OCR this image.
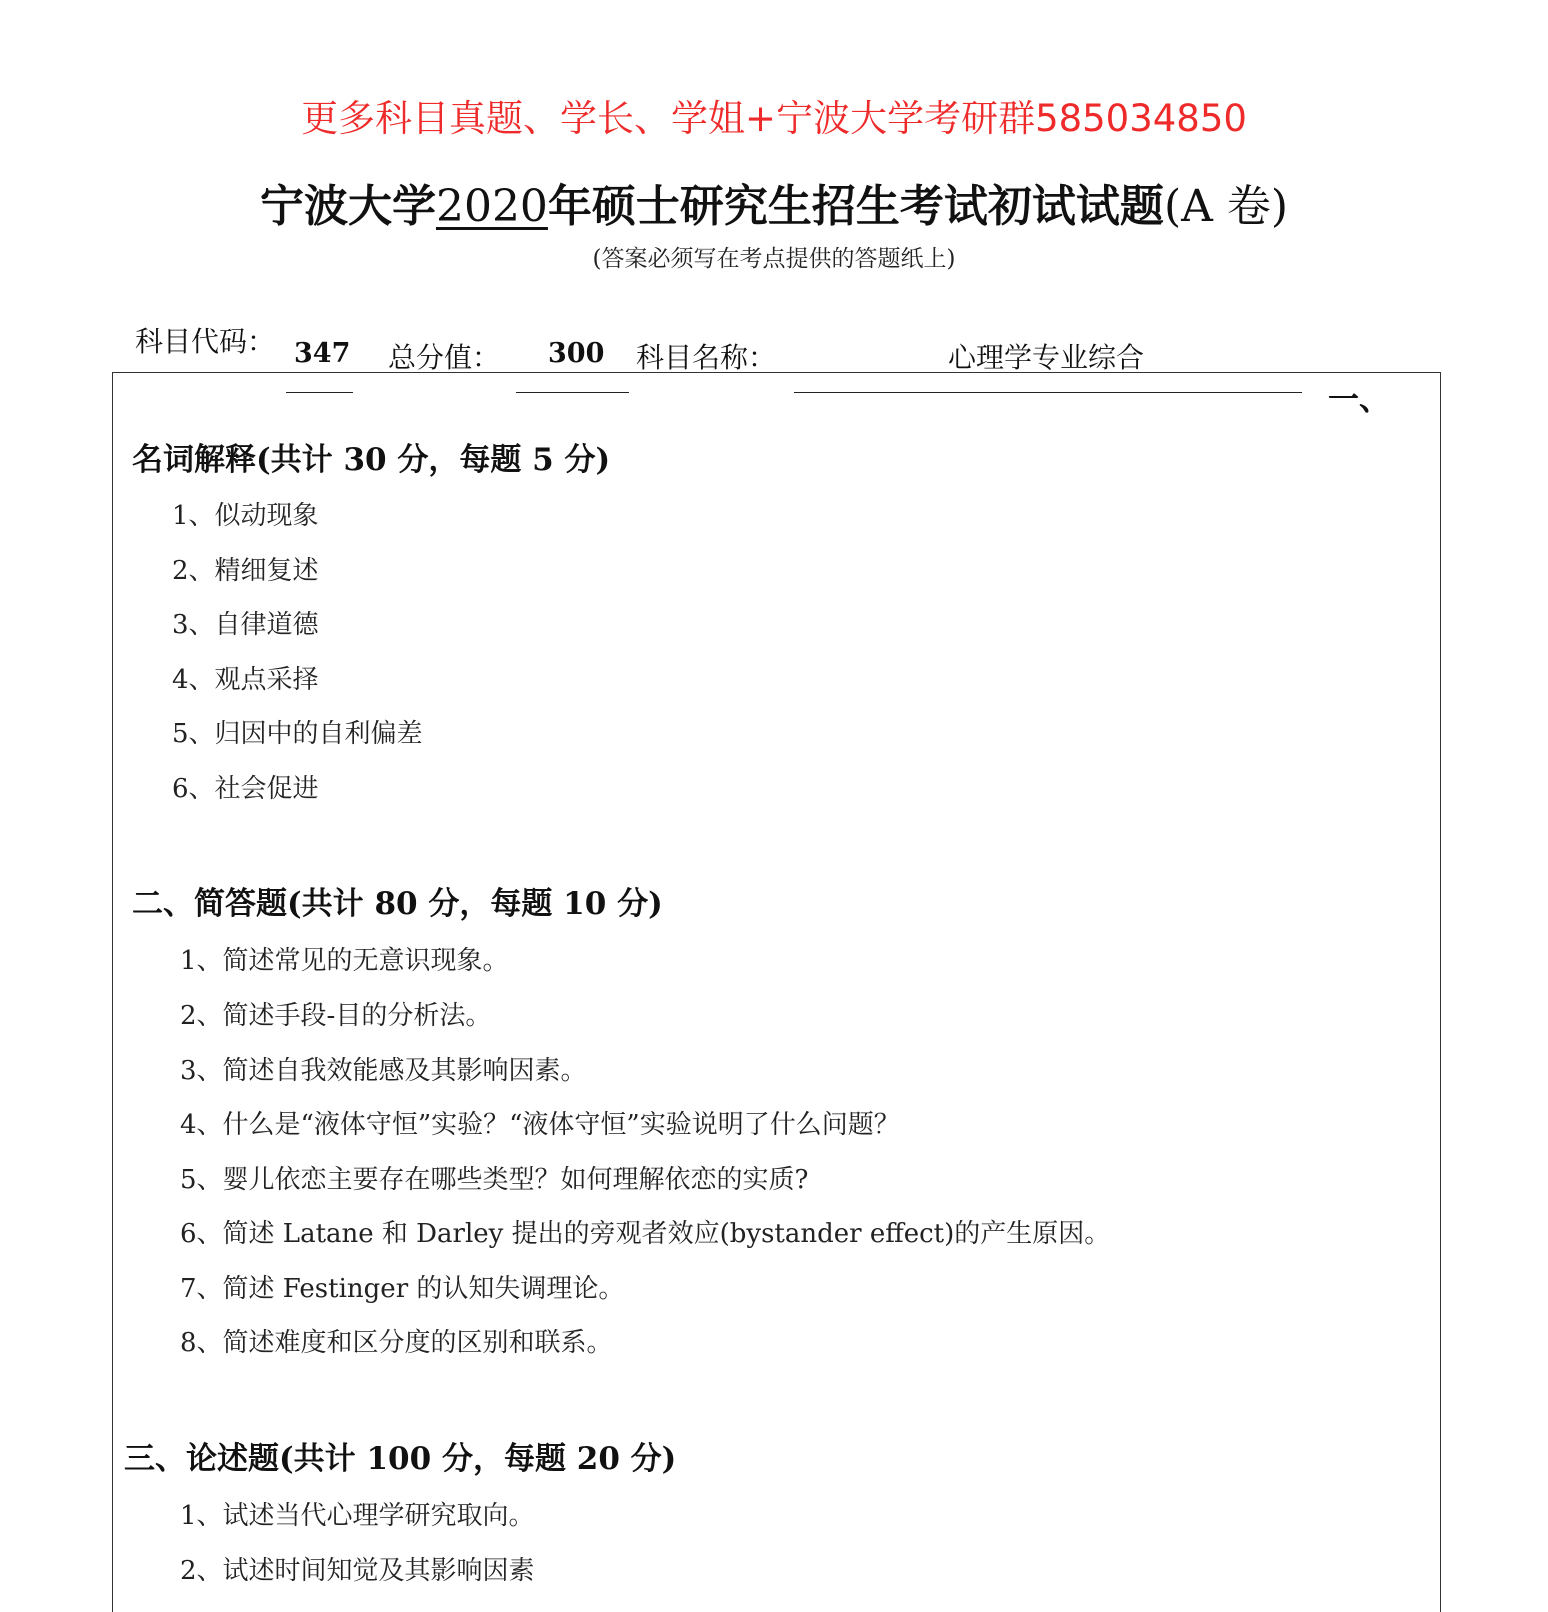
更多科目真题、学长、学姐+宁波大学考研群585034850
宁波大学2020年硕士研究生招生考试初试试题(A 卷)
(答案必须写在考点提供的答题纸上)
科目代码： 347 总分值： 300 科目名称：	心理学专业综合
一、
名词解释(共计 30 分，每题 5 分)
1、似动现象
2、精细复述
3、自律道德
4、观点采择
5、归因中的自利偏差
6、社会促进
二、简答题(共计 80 分，每题 10 分)
1、简述常见的无意识现象。
2、简述手段-目的分析法。
3、简述自我效能感及其影响因素。
4、什么是“液体守恒”实验？“液体守恒”实验说明了什么问题？
5、婴儿依恋主要存在哪些类型？如何理解依恋的实质?
6、简述 Latane 和 Darley 提出的旁观者效应(bystander effect)的产生原因。
7、简述 Festinger 的认知失调理论。
8、简述难度和区分度的区别和联系。
三、论述题(共计 100 分，每题 20 分)
1、试述当代心理学研究取向。
2、试述时间知觉及其影响因素
